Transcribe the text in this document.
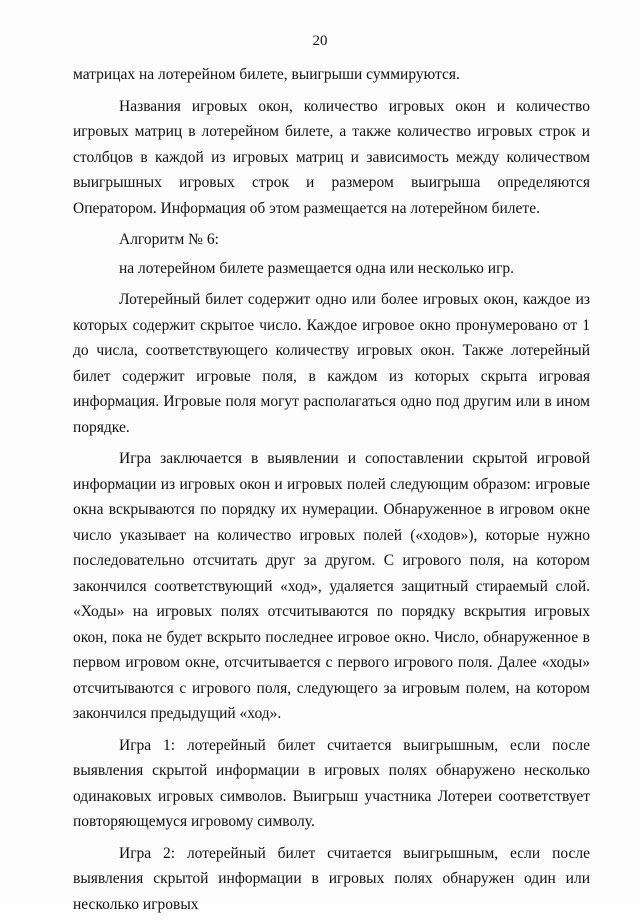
20

матрицах на лотерейном билете, выигрыши суммируются.

Названия игровых окон, количество игровых окон и количество игровых матриц в лотерейном билете, а также количество игровых строк и столбцов в каждой из игровых матриц и зависимость между количеством выигрышных игровых строк и размером выигрыша определяются Оператором. Информация об этом размещается на лотерейном билете.

Алгоритм № 6:

на лотерейном билете размещается одна или несколько игр.

Лотерейный билет содержит одно или более игровых окон, каждое из которых содержит скрытое число. Каждое игровое окно пронумеровано от 1 до числа, соответствующего количеству игровых окон. Также лотерейный билет содержит игровые поля, в каждом из которых скрыта игровая информация. Игровые поля могут располагаться одно под другим или в ином порядке.

Игра заключается в выявлении и сопоставлении скрытой игровой информации из игровых окон и игровых полей следующим образом: игровые окна вскрываются по порядку их нумерации. Обнаруженное в игровом окне число указывает на количество игровых полей («ходов»), которые нужно последовательно отсчитать друг за другом. С игрового поля, на котором закончился соответствующий «ход», удаляется защитный стираемый слой. «Ходы» на игровых полях отсчитываются по порядку вскрытия игровых окон, пока не будет вскрыто последнее игровое окно. Число, обнаруженное в первом игровом окне, отсчитывается с первого игрового поля. Далее «ходы» отсчитываются с игрового поля, следующего за игровым полем, на котором закончился предыдущий «ход».

Игра 1: лотерейный билет считается выигрышным, если после выявления скрытой информации в игровых полях обнаружено несколько одинаковых игровых символов. Выигрыш участника Лотереи соответствует повторяющемуся игровому символу.

Игра 2: лотерейный билет считается выигрышным, если после выявления скрытой информации в игровых полях обнаружен один или несколько игровых
